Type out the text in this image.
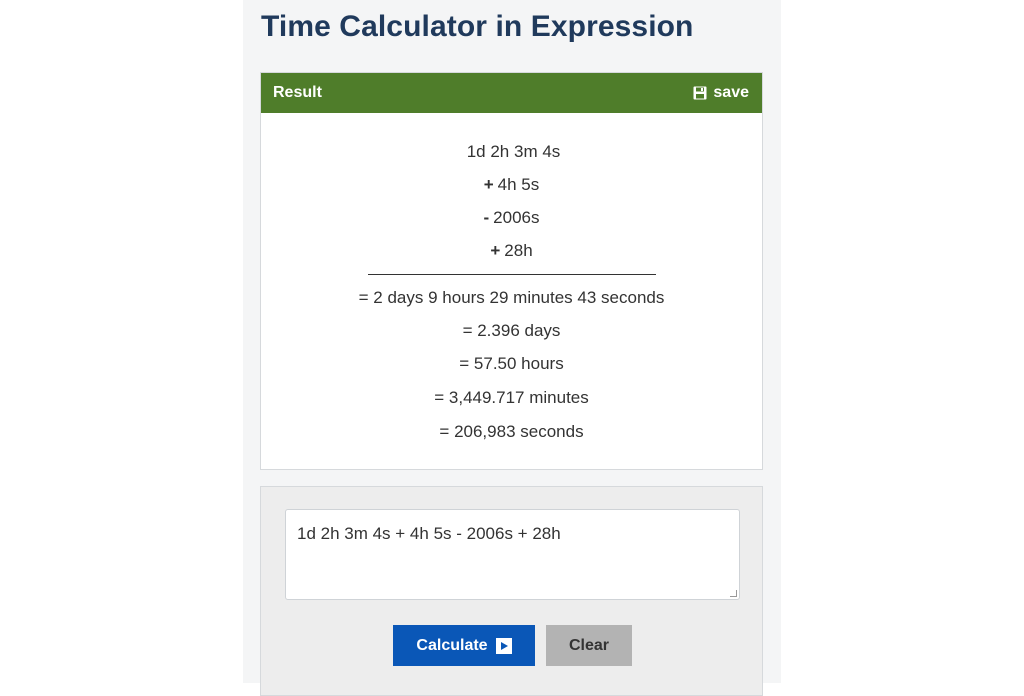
Time Calculator in Expression
Result	save
1d 2h 3m 4s
+ 4h 5s
- 2006s
+ 28h
= 2 days 9 hours 29 minutes 43 seconds
= 2.396 days
= 57.50 hours
= 3,449.717 minutes
= 206,983 seconds
1d 2h 3m 4s + 4h 5s - 2006s + 28h
Calculate	Clear
